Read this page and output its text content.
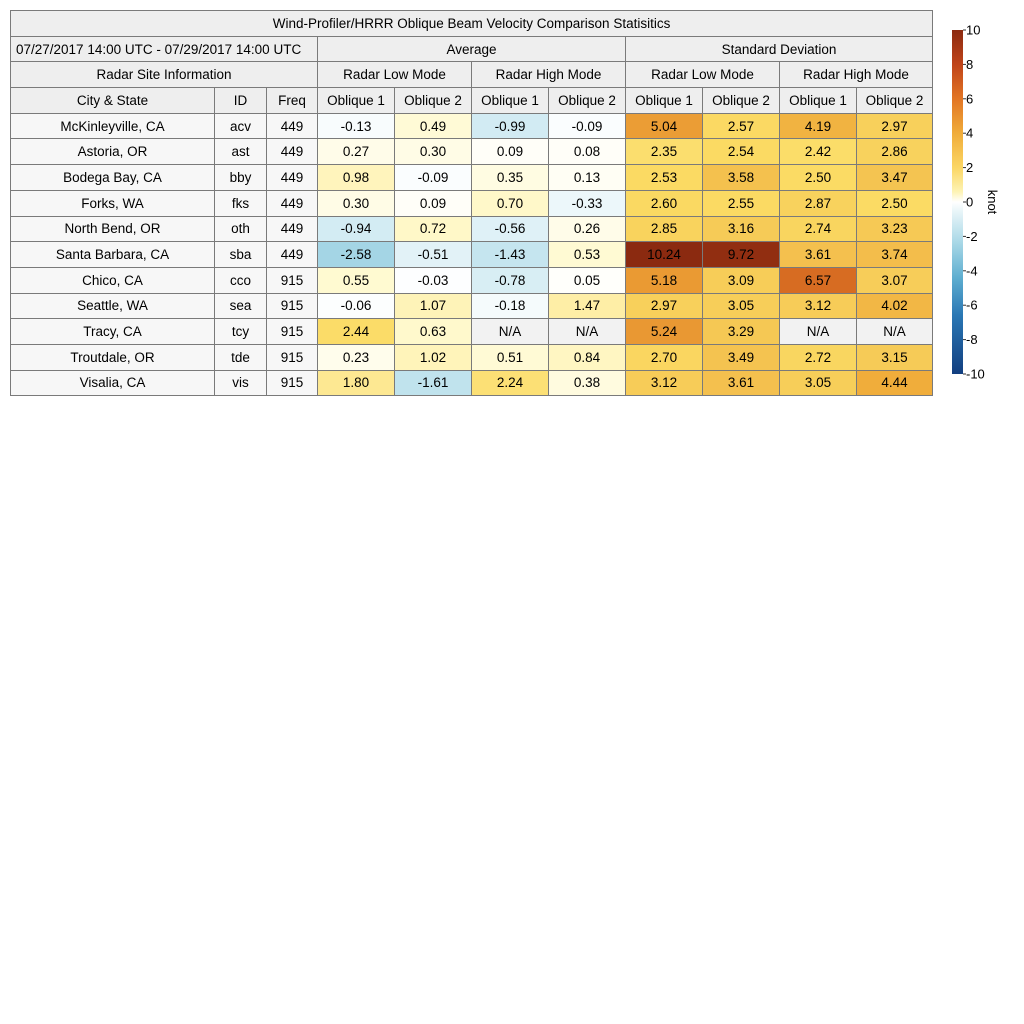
Wind-Profiler/HRRR Oblique Beam Velocity Comparison Statisitics										
07/27/2017 14:00 UTC - 07/29/2017 14:00 UTC			Average				Standard Deviation			
Radar Site Information			Radar Low Mode		Radar High Mode		Radar Low Mode		Radar High Mode	
City & State	ID	Freq	Oblique 1	Oblique 2	Oblique 1	Oblique 2	Oblique 1	Oblique 2	Oblique 1	Oblique 2
McKinleyville, CA	acv	449	-0.13	0.49	-0.99	-0.09	5.04	2.57	4.19	2.97
Astoria, OR	ast	449	0.27	0.30	0.09	0.08	2.35	2.54	2.42	2.86
Bodega Bay, CA	bby	449	0.98	-0.09	0.35	0.13	2.53	3.58	2.50	3.47
Forks, WA	fks	449	0.30	0.09	0.70	-0.33	2.60	2.55	2.87	2.50
North Bend, OR	oth	449	-0.94	0.72	-0.56	0.26	2.85	3.16	2.74	3.23
Santa Barbara, CA	sba	449	-2.58	-0.51	-1.43	0.53	10.24	9.72	3.61	3.74
Chico, CA	cco	915	0.55	-0.03	-0.78	0.05	5.18	3.09	6.57	3.07
Seattle, WA	sea	915	-0.06	1.07	-0.18	1.47	2.97	3.05	3.12	4.02
Tracy, CA	tcy	915	2.44	0.63	N/A	N/A	5.24	3.29	N/A	N/A
Troutdale, OR	tde	915	0.23	1.02	0.51	0.84	2.70	3.49	2.72	3.15
Visalia, CA	vis	915	1.80	-1.61	2.24	0.38	3.12	3.61	3.05	4.44
10
8
6
4
2
0
-2
-4
-6
-8
-10
knot
